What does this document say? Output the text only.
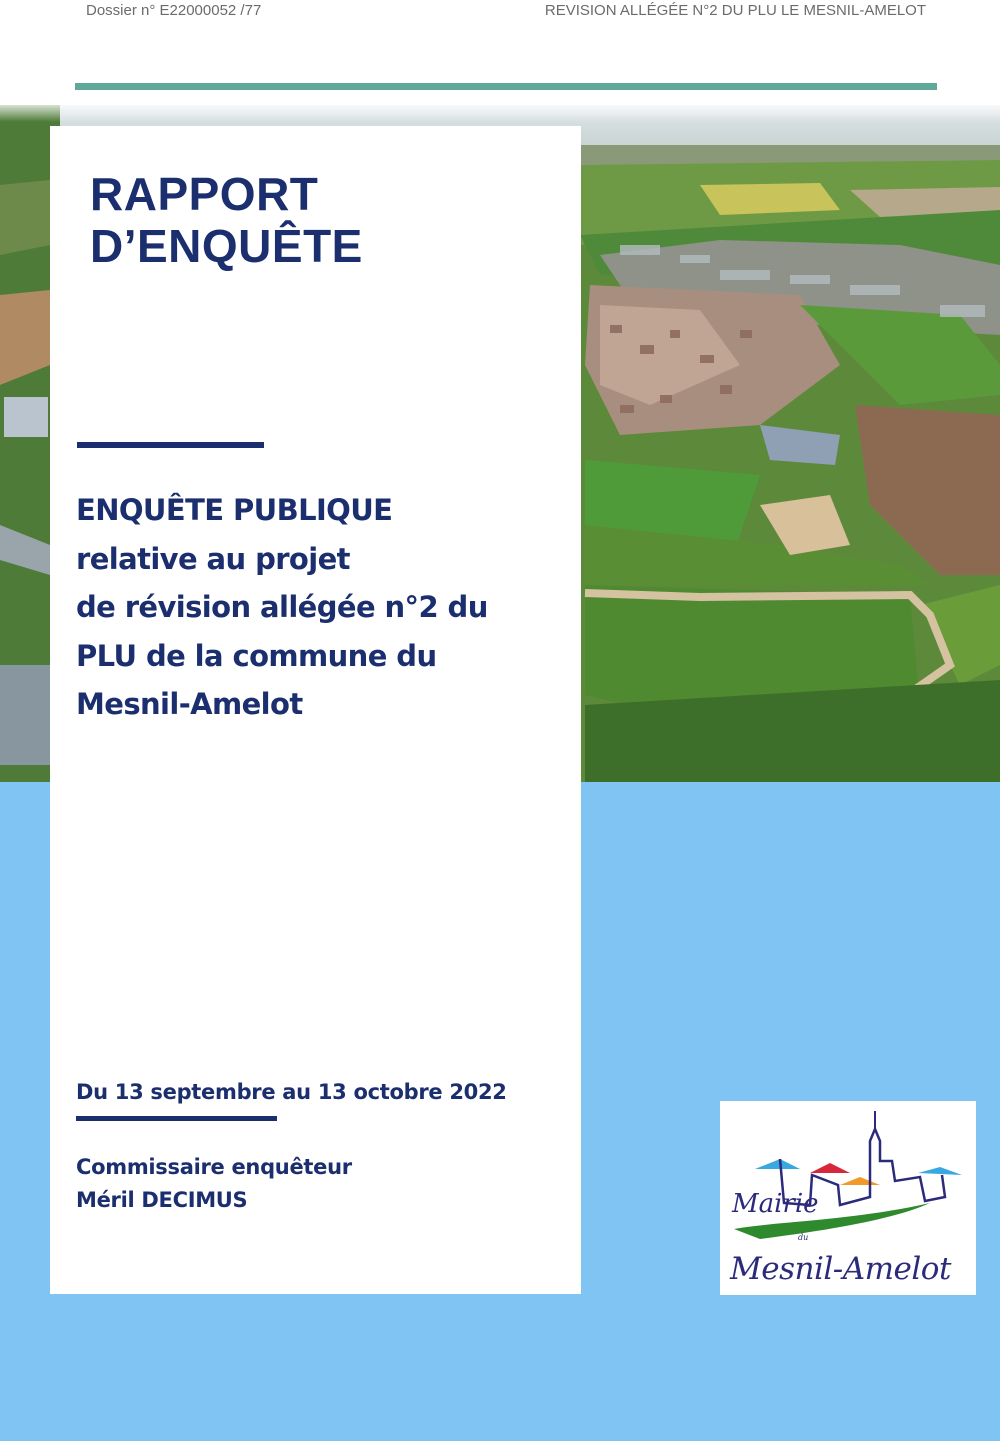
Dossier n° E22000052 /77	REVISION ALLÉGÉE N°2 DU PLU LE MESNIL-AMELOT
RAPPORT
D’ENQUÊTE
ENQUÊTE PUBLIQUE
relative au projet
de révision allégée n°2 du
PLU de la commune du
Mesnil-Amelot
Du 13 septembre au 13 octobre 2022
Commissaire enquêteur
Méril DECIMUS	Mairie
du
Mesnil-Amelot
